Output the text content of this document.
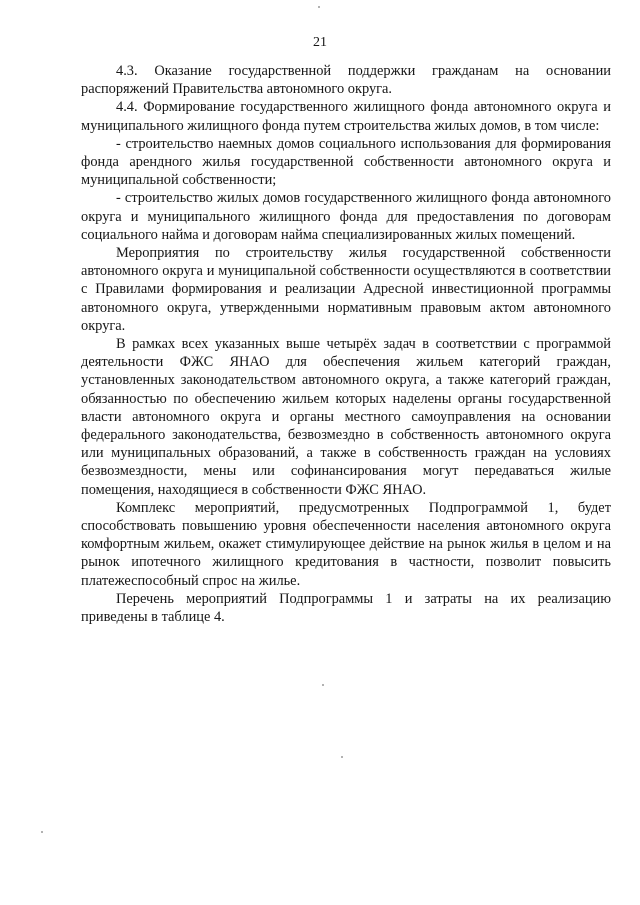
21

4.3. Оказание государственной поддержки гражданам на основании распоряжений Правительства автономного округа.

4.4. Формирование государственного жилищного фонда автономного округа и муниципального жилищного фонда путем строительства жилых домов, в том числе:

- строительство наемных домов социального использования для формирования фонда арендного жилья государственной собственности автономного округа и муниципальной собственности;

- строительство жилых домов государственного жилищного фонда автономного округа и муниципального жилищного фонда для предоставления по договорам социального найма и договорам найма специализированных жилых помещений.

Мероприятия по строительству жилья государственной собственности автономного округа и муниципальной собственности осуществляются в соответствии с Правилами формирования и реализации Адресной инвестиционной программы автономного округа, утвержденными нормативным правовым актом автономного округа.

В рамках всех указанных выше четырёх задач в соответствии с программой деятельности ФЖС ЯНАО для обеспечения жильем категорий граждан, установленных законодательством автономного округа, а также категорий граждан, обязанностью по обеспечению жильем которых наделены органы государственной власти автономного округа и органы местного самоуправления на основании федерального законодательства, безвозмездно в собственность автономного округа или муниципальных образований, а также в собственность граждан на условиях безвозмездности, мены или софинансирования могут передаваться жилые помещения, находящиеся в собственности ФЖС ЯНАО.

Комплекс мероприятий, предусмотренных Подпрограммой 1, будет способствовать повышению уровня обеспеченности населения автономного округа комфортным жильем, окажет стимулирующее действие на рынок жилья в целом и на рынок ипотечного жилищного кредитования в частности, позволит повысить платежеспособный спрос на жилье.

Перечень мероприятий Подпрограммы 1 и затраты на их реализацию приведены в таблице 4.
